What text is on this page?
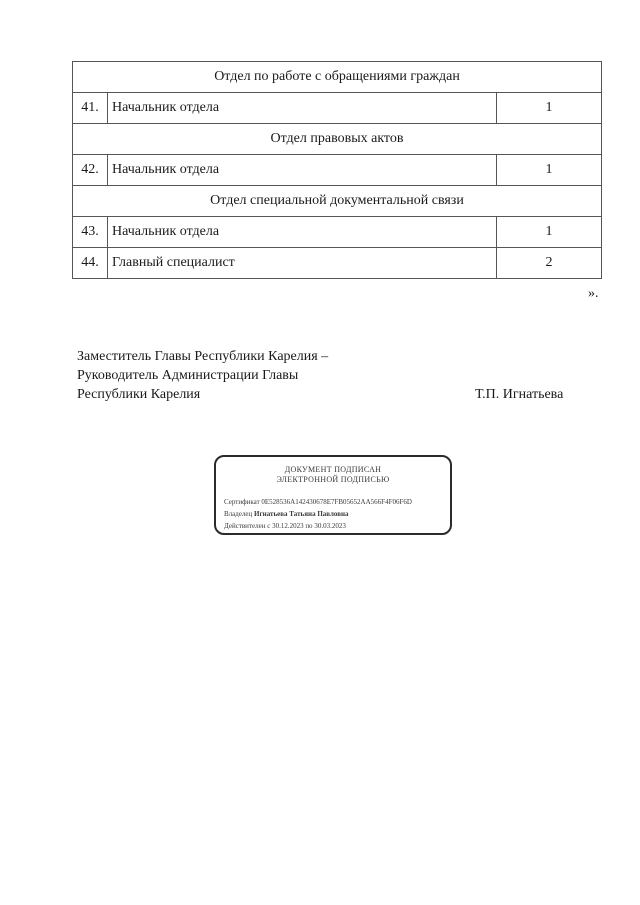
Отдел по работе с обращениями граждан		
41.	Начальник отдела	1
Отдел правовых актов		
42.	Начальник отдела	1
Отдел специальной документальной связи		
43.	Начальник отдела	1
44.	Главный специалист	2
».
Заместитель Главы Республики Карелия –
Руководитель Администрации Главы
Республики Карелия	Т.П. Игнатьева
ДОКУМЕНТ ПОДПИСАН
ЭЛЕКТРОННОЙ ПОДПИСЬЮ
Сертификат 0E528536A142430678E7FB05652AA566F4F06F6D
Владелец Игнатьева Татьяна Павловна
Действителен с 30.12.2023 по 30.03.2023
